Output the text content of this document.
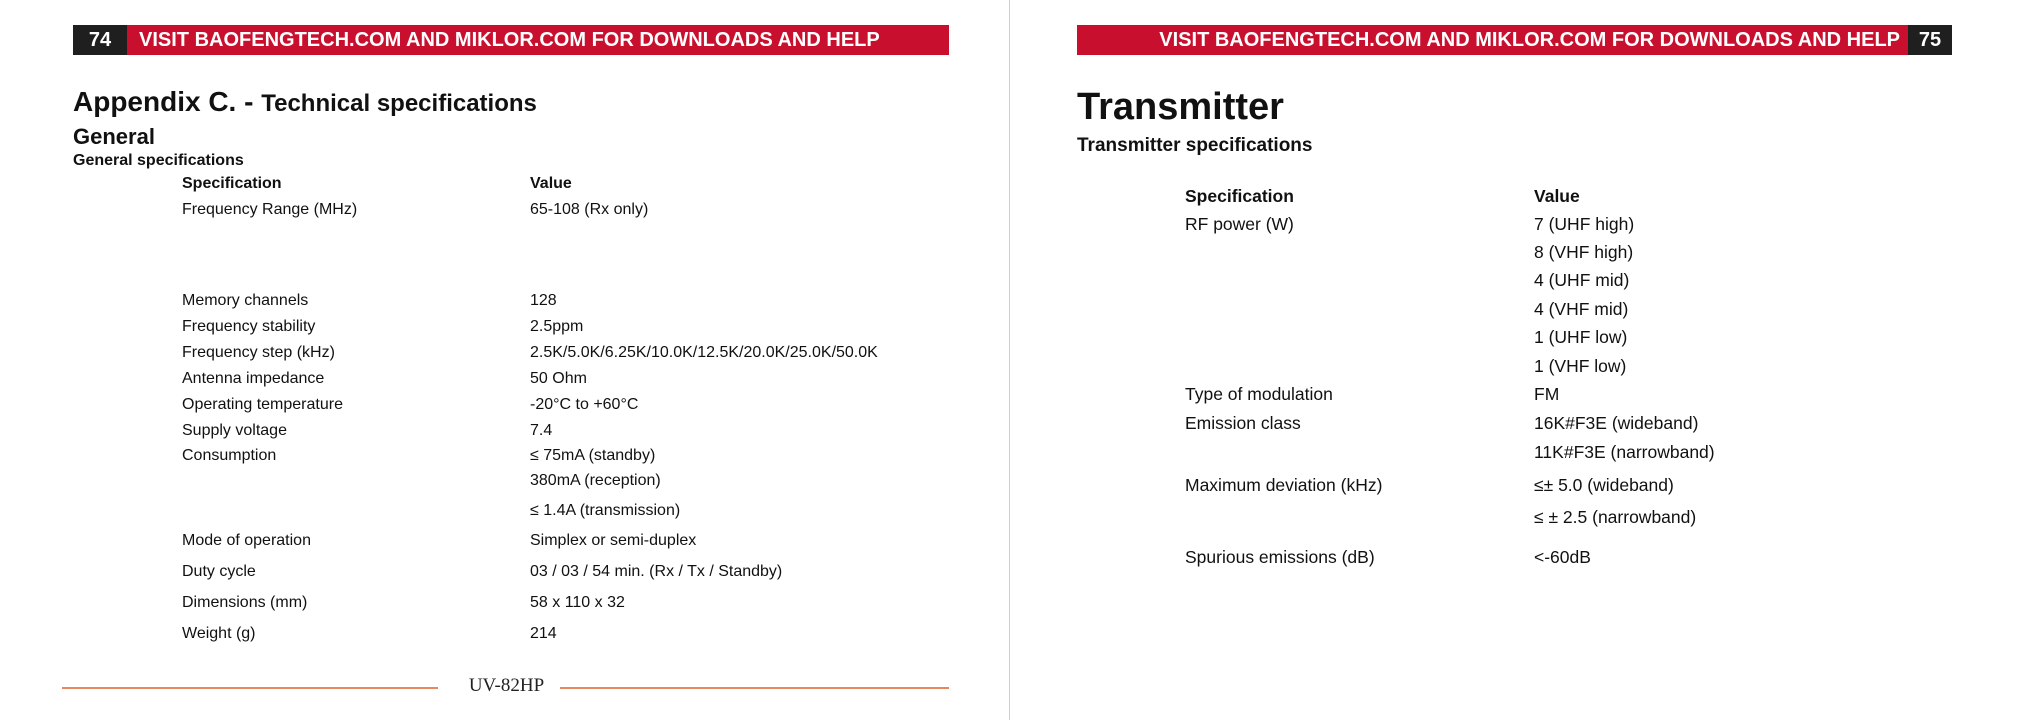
74	VISIT BAOFENGTECH.COM AND MIKLOR.COM FOR DOWNLOADS AND HELP
Appendix C. - Technical specifications
General
General specifications
Specification	Value
Frequency Range (MHz)	65-108 (Rx only)
Memory channels	128
Frequency stability	2.5ppm
Frequency step (kHz)	2.5K/5.0K/6.25K/10.0K/12.5K/20.0K/25.0K/50.0K
Antenna impedance	50 Ohm
Operating temperature	-20°C to +60°C
Supply voltage	7.4
Consumption	≤ 75mA (standby)
380mA (reception)
≤ 1.4A (transmission)
Mode of operation	Simplex or semi-duplex
Duty cycle	03 / 03 / 54 min. (Rx / Tx / Standby)
Dimensions (mm)	58 x 110 x 32
Weight (g)	214
UV-82HP
VISIT BAOFENGTECH.COM AND MIKLOR.COM FOR DOWNLOADS AND HELP 75
Transmitter
Transmitter specifications
Specification	Value
RF power (W)	7 (UHF high)
8 (VHF high)
4 (UHF mid)
4 (VHF mid)
1 (UHF low)
1 (VHF low)
Type of modulation	FM
Emission class	16K#F3E (wideband)
11K#F3E (narrowband)
Maximum deviation (kHz)	≤± 5.0 (wideband)
≤ ± 2.5 (narrowband)
Spurious emissions (dB)	<-60dB
